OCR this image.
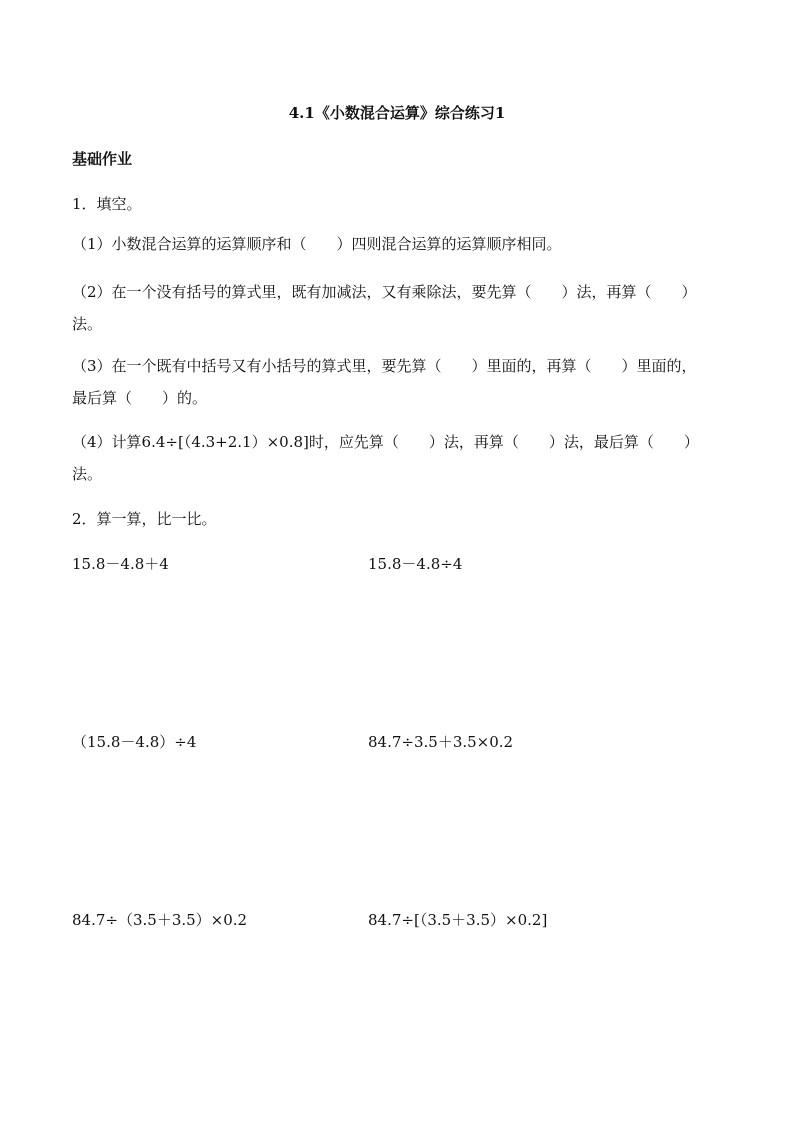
4.1《小数混合运算》综合练习1
基础作业
1．填空。
（1）小数混合运算的运算顺序和（　　）四则混合运算的运算顺序相同。
（2）在一个没有括号的算式里，既有加减法，又有乘除法，要先算（　　）法，再算（　　）
法。
（3）在一个既有中括号又有小括号的算式里，要先算（　　）里面的，再算（　　）里面的，
最后算（　　）的。
（4）计算6.4÷[（4.3+2.1）×0.8]时，应先算（　　）法，再算（　　）法，最后算（　　）
法。
2．算一算，比一比。
15.8－4.8＋4	15.8－4.8÷4
（15.8－4.8）÷4	84.7÷3.5＋3.5×0.2
84.7÷（3.5＋3.5）×0.2	84.7÷[（3.5＋3.5）×0.2]
